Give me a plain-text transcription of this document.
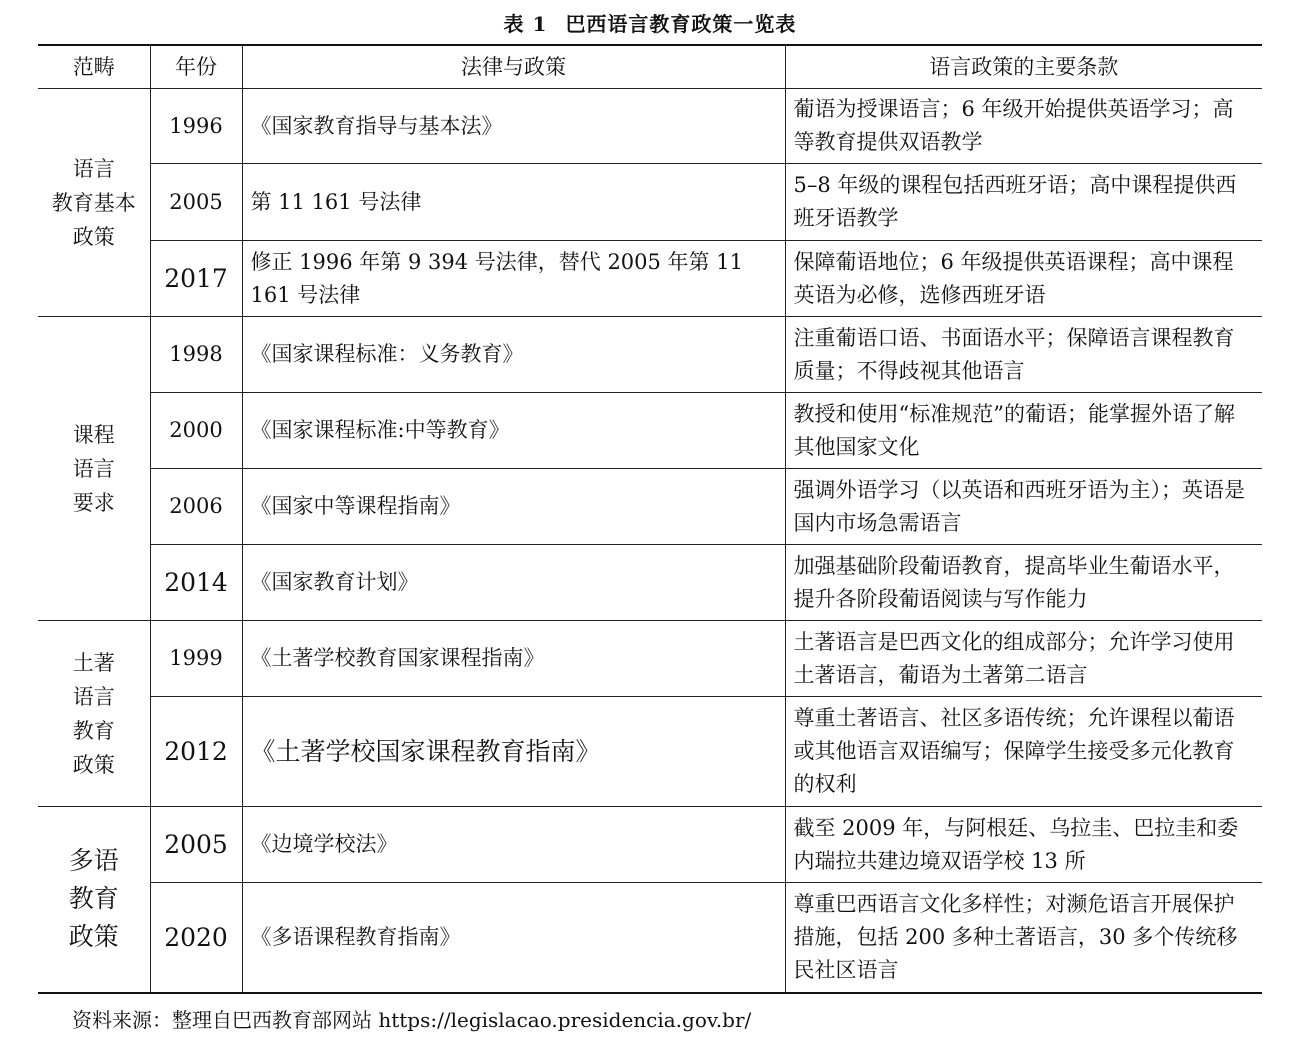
表 1 巴西语言教育政策一览表
范畴	年份	法律与政策	语言政策的主要条款
语言
教育基本
政策	1996	《国家教育指导与基本法》	葡语为授课语言；6 年级开始提供英语学习；高等教育提供双语教学
	2005	第 11 161 号法律	5–8 年级的课程包括西班牙语；高中课程提供西班牙语教学
	2017	修正 1996 年第 9 394 号法律，替代 2005 年第 11 161 号法律	保障葡语地位；6 年级提供英语课程；高中课程英语为必修，选修西班牙语
课程
语言
要求	1998	《国家课程标准：义务教育》	注重葡语口语、书面语水平；保障语言课程教育质量；不得歧视其他语言
	2000	《国家课程标准:中等教育》	教授和使用“标准规范”的葡语；能掌握外语了解其他国家文化
	2006	《国家中等课程指南》	强调外语学习（以英语和西班牙语为主）；英语是国内市场急需语言
	2014	《国家教育计划》	加强基础阶段葡语教育，提高毕业生葡语水平，提升各阶段葡语阅读与写作能力
土著
语言
教育
政策	1999	《土著学校教育国家课程指南》	土著语言是巴西文化的组成部分；允许学习使用土著语言，葡语为土著第二语言
	2012	《土著学校国家课程教育指南》	尊重土著语言、社区多语传统；允许课程以葡语或其他语言双语编写；保障学生接受多元化教育的权利
多语
教育
政策	2005	《边境学校法》	截至 2009 年，与阿根廷、乌拉圭、巴拉圭和委内瑞拉共建边境双语学校 13 所
	2020	《多语课程教育指南》	尊重巴西语言文化多样性；对濒危语言开展保护措施，包括 200 多种土著语言，30 多个传统移民社区语言
资料来源：整理自巴西教育部网站 https://legislacao.presidencia.gov.br/
